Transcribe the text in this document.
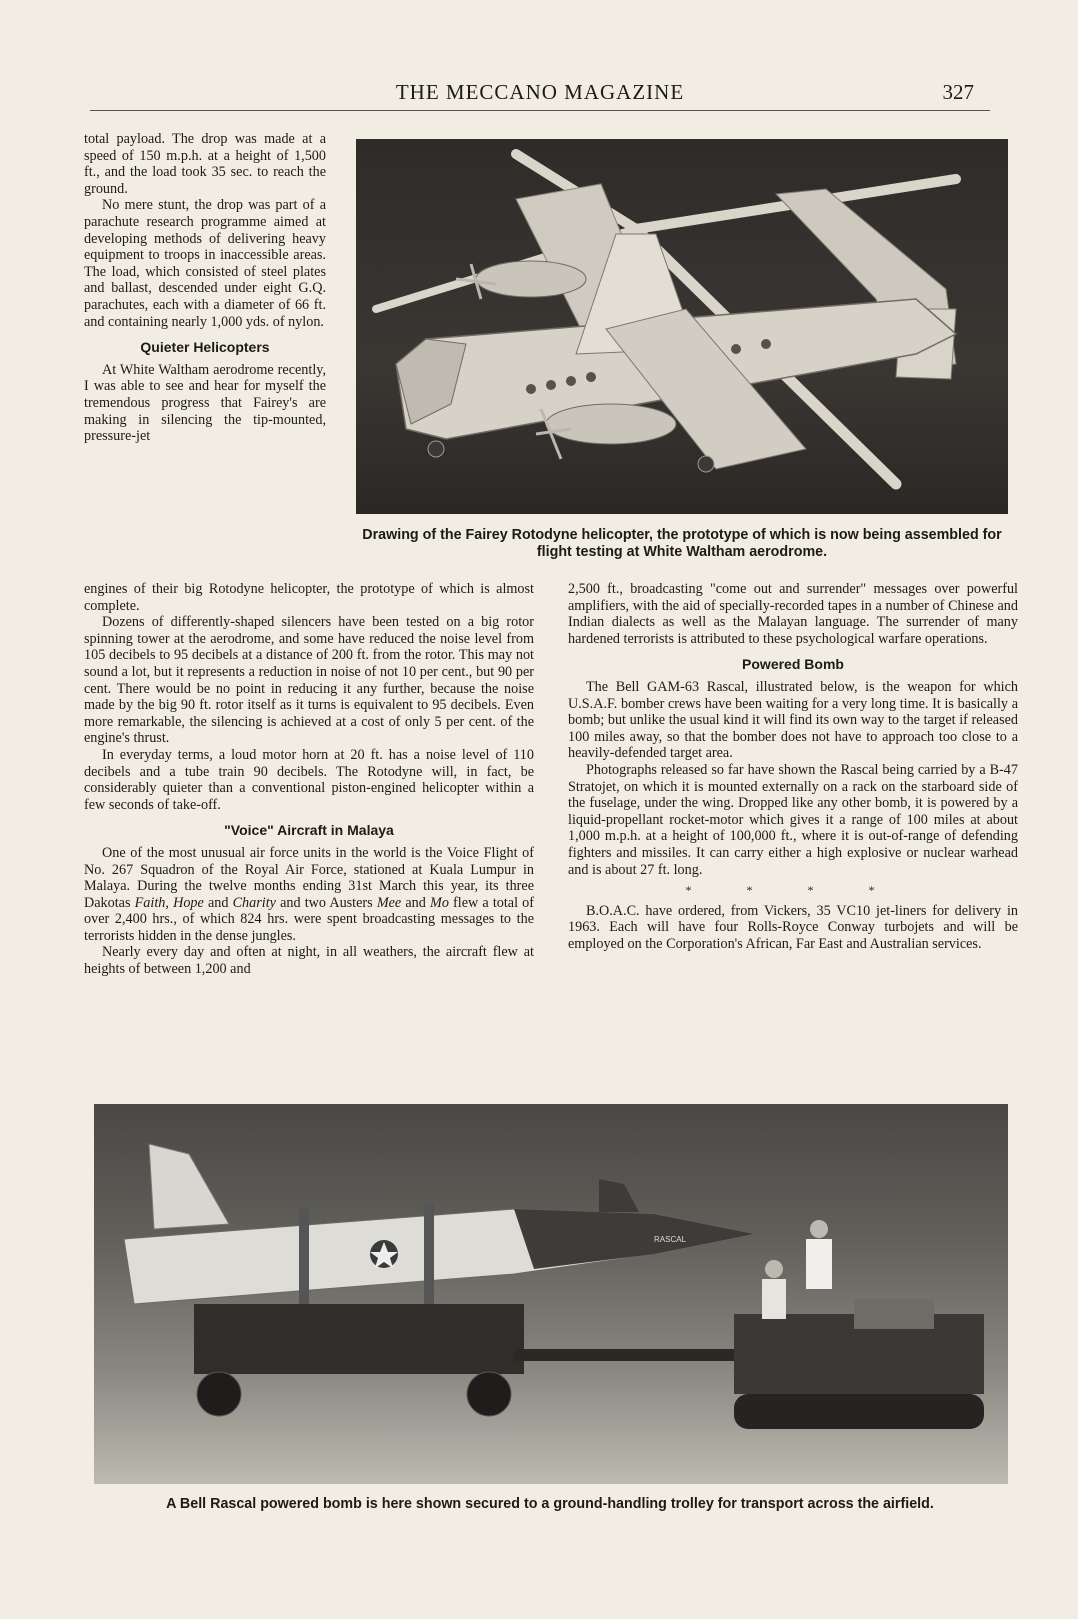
THE MECCANO MAGAZINE	327

total payload. The drop was made at a speed of 150 m.p.h. at a height of 1,500 ft., and the load took 35 sec. to reach the ground.

No mere stunt, the drop was part of a parachute research programme aimed at developing methods of delivering heavy equipment to troops in inaccessible areas. The load, which consisted of steel plates and ballast, descended under eight G.Q. parachutes, each with a diameter of 66 ft. and containing nearly 1,000 yds. of nylon.

Quieter Helicopters

At White Waltham aerodrome recently, I was able to see and hear for myself the tremendous progress that Fairey's are making in silencing the tip-mounted, pressure-jet

Drawing of the Fairey Rotodyne helicopter, the prototype of which is now being assembled for flight testing at White Waltham aerodrome.

engines of their big Rotodyne helicopter, the prototype of which is almost complete.

Dozens of differently-shaped silencers have been tested on a big rotor spinning tower at the aerodrome, and some have reduced the noise level from 105 decibels to 95 decibels at a distance of 200 ft. from the rotor. This may not sound a lot, but it represents a reduction in noise of not 10 per cent., but 90 per cent. There would be no point in reducing it any further, because the noise made by the big 90 ft. rotor itself as it turns is equivalent to 95 decibels. Even more remarkable, the silencing is achieved at a cost of only 5 per cent. of the engine's thrust.

In everyday terms, a loud motor horn at 20 ft. has a noise level of 110 decibels and a tube train 90 decibels. The Rotodyne will, in fact, be considerably quieter than a conventional piston-engined helicopter within a few seconds of take-off.

"Voice" Aircraft in Malaya

One of the most unusual air force units in the world is the Voice Flight of No. 267 Squadron of the Royal Air Force, stationed at Kuala Lumpur in Malaya. During the twelve months ending 31st March this year, its three Dakotas Faith, Hope and Charity and two Austers Mee and Mo flew a total of over 2,400 hrs., of which 824 hrs. were spent broadcasting messages to the terrorists hidden in the dense jungles.

Nearly every day and often at night, in all weathers, the aircraft flew at heights of between 1,200 and

2,500 ft., broadcasting "come out and surrender" messages over powerful amplifiers, with the aid of specially-recorded tapes in a number of Chinese and Indian dialects as well as the Malayan language. The surrender of many hardened terrorists is attributed to these psychological warfare operations.

Powered Bomb

The Bell GAM-63 Rascal, illustrated below, is the weapon for which U.S.A.F. bomber crews have been waiting for a very long time. It is basically a bomb; but unlike the usual kind it will find its own way to the target if released 100 miles away, so that the bomber does not have to approach too close to a heavily-defended target area.

Photographs released so far have shown the Rascal being carried by a B-47 Stratojet, on which it is mounted externally on a rack on the starboard side of the fuselage, under the wing. Dropped like any other bomb, it is powered by a liquid-propellant rocket-motor which gives it a range of 100 miles at about 1,000 m.p.h. at a height of 100,000 ft., where it is out-of-range of defending fighters and missiles. It can carry either a high explosive or nuclear warhead and is about 27 ft. long.

* * * *

B.O.A.C. have ordered, from Vickers, 35 VC10 jet-liners for delivery in 1963. Each will have four Rolls-Royce Conway turbojets and will be employed on the Corporation's African, Far East and Australian services.

RASCAL
A Bell Rascal powered bomb is here shown secured to a ground-handling trolley for transport across the airfield.
